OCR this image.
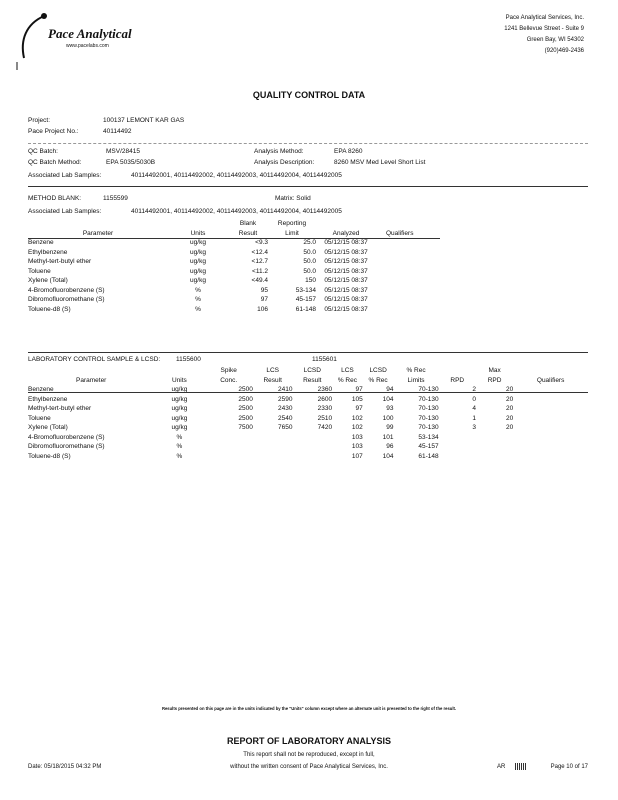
Pace Analytical
www.pacelabs.com
Pace Analytical Services, Inc.
1241 Bellevue Street - Suite 9
Green Bay, WI 54302
(920)469-2436
QUALITY CONTROL DATA
Project:	100137 LEMONT KAR GAS
Pace Project No.:	40114492
QC Batch:	MSV/28415	Analysis Method:	EPA 8260
QC Batch Method:	EPA 5035/5030B	Analysis Description:	8260 MSV Med Level Short List
Associated Lab Samples:	40114492001, 40114492002, 40114492003, 40114492004, 40114492005
METHOD BLANK:	1155599	Matrix: Solid
Associated Lab Samples:	40114492001, 40114492002, 40114492003, 40114492004, 40114492005
		Blank	Reporting		
Parameter	Units	Result	Limit	Analyzed	Qualifiers
Benzene	ug/kg	<9.3	25.0	05/12/15 08:37	
Ethylbenzene	ug/kg	<12.4	50.0	05/12/15 08:37	
Methyl-tert-butyl ether	ug/kg	<12.7	50.0	05/12/15 08:37	
Toluene	ug/kg	<11.2	50.0	05/12/15 08:37	
Xylene (Total)	ug/kg	<49.4	150	05/12/15 08:37	
4-Bromofluorobenzene (S)	%	95	53-134	05/12/15 08:37	
Dibromofluoromethane (S)	%	97	45-157	05/12/15 08:37	
Toluene-d8 (S)	%	106	61-148	05/12/15 08:37	
LABORATORY CONTROL SAMPLE & LCSD: 1155600	1155601
		Spike	LCS	LCSD	LCS	LCSD	% Rec		Max	
Parameter	Units	Conc.	Result	Result	% Rec	% Rec	Limits	RPD	RPD	Qualifiers
Benzene	ug/kg	2500	2410	2360	97	94	70-130	2	20	
Ethylbenzene	ug/kg	2500	2590	2600	105	104	70-130	0	20	
Methyl-tert-butyl ether	ug/kg	2500	2430	2330	97	93	70-130	4	20	
Toluene	ug/kg	2500	2540	2510	102	100	70-130	1	20	
Xylene (Total)	ug/kg	7500	7650	7420	102	99	70-130	3	20	
4-Bromofluorobenzene (S)	%				103	101	53-134			
Dibromofluoromethane (S)	%				103	96	45-157			
Toluene-d8 (S)	%				107	104	61-148			
Results presented on this page are in the units indicated by the "Units" column except where an alternate unit is presented to the right of the result.
REPORT OF LABORATORY ANALYSIS
This report shall not be reproduced, except in full,
Date: 05/18/2015 04:32 PM	without the written consent of Pace Analytical Services, Inc.	AR	Page 10 of 17
